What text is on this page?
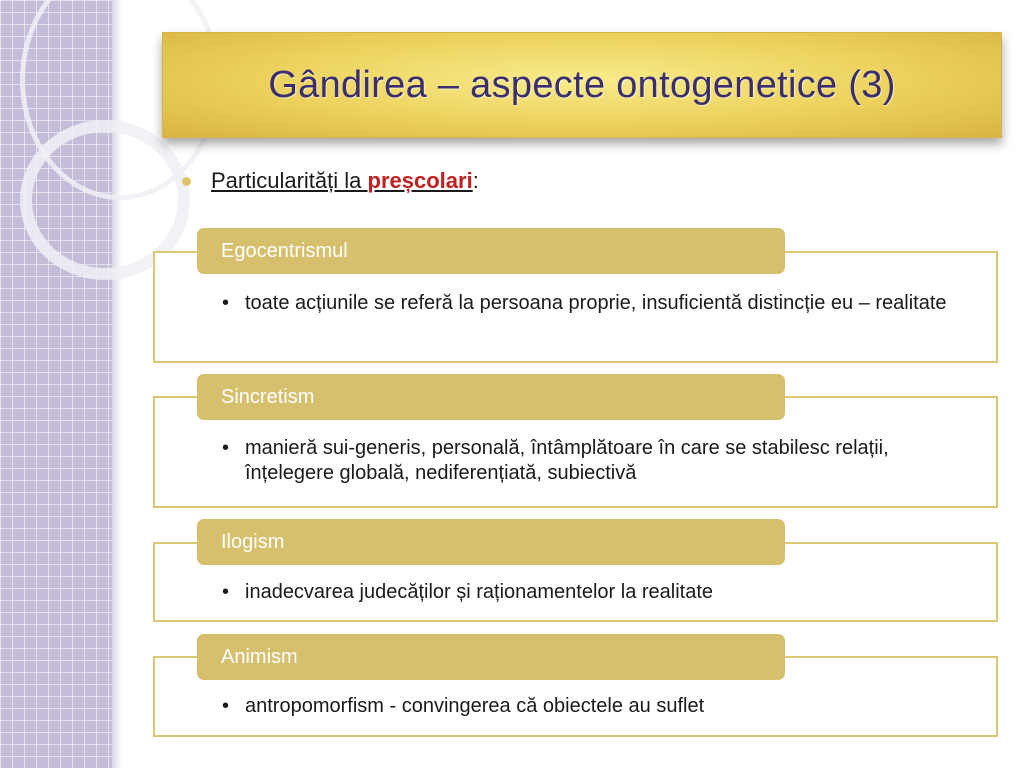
Gândirea – aspecte ontogenetice (3)
Particularități la preșcolari :
Egocentrismul
• toate acțiunile se referă la persoana proprie, insuficientă distincție eu – realitate
Sincretism
• manieră sui-generis, personală, întâmplătoare în care se stabilesc relații, înțelegere globală, nediferențiată, subiectivă
Ilogism
• inadecvarea judecăților și raționamentelor la realitate
Animism
• antropomorfism - convingerea că obiectele au suflet
